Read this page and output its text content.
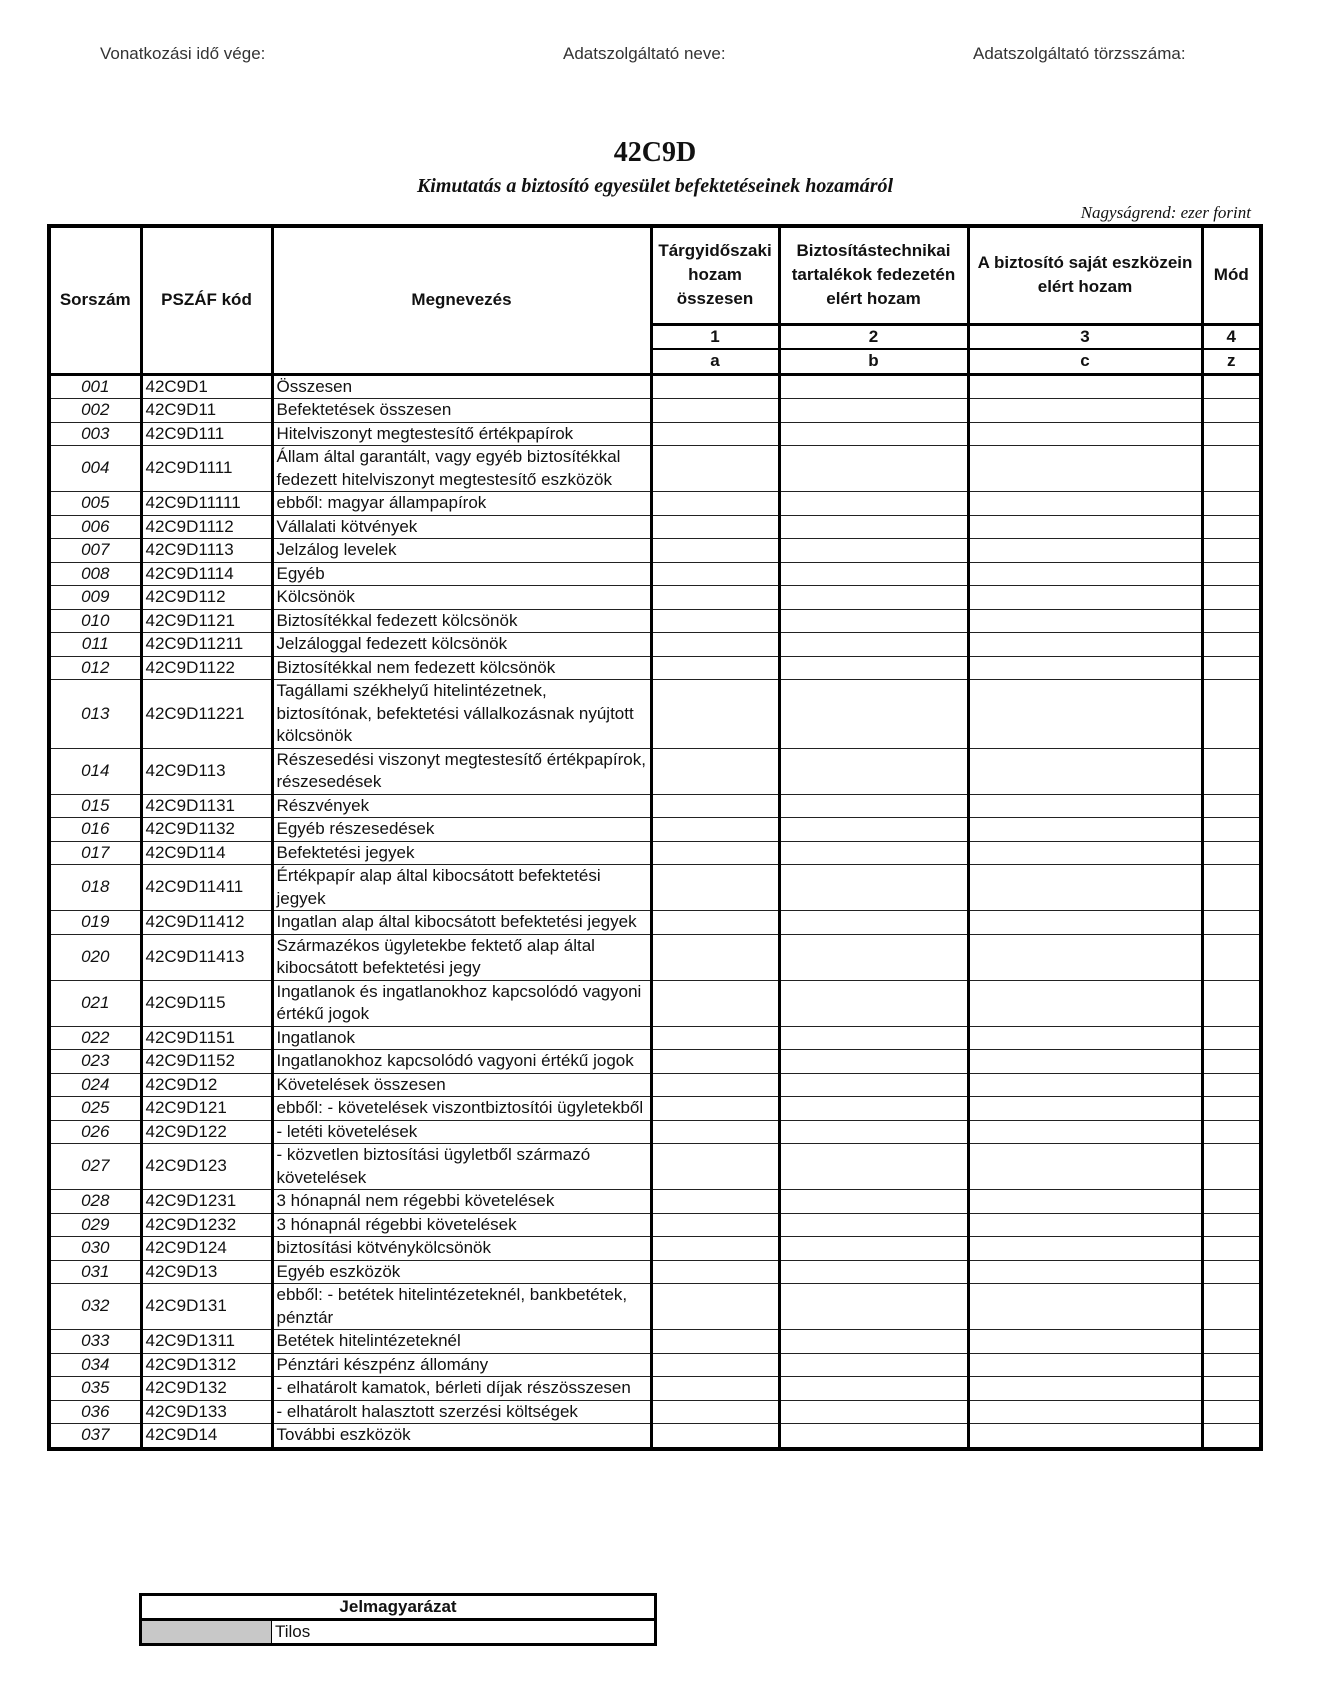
Vonatkozási idő vége:	Adatszolgáltató neve:	Adatszolgáltató törzsszáma:
42C9D
Kimutatás a biztosító egyesület befektetéseinek hozamáról
Nagyságrend: ezer forint
Sorszám	PSZÁF kód	Megnevezés	Tárgyidőszaki hozam összesen	Biztosítástechnikai tartalékok fedezetén elért hozam	A biztosító saját eszközein elért hozam	Mód
			1	2	3	4
			a	b	c	z
001	42C9D1	Összesen				
002	42C9D11	Befektetések összesen				
003	42C9D111	Hitelviszonyt megtestesítő értékpapírok				
004	42C9D1111	Állam által garantált, vagy egyéb biztosítékkal fedezett hitelviszonyt megtestesítő eszközök				
005	42C9D11111	ebből: magyar állampapírok				
006	42C9D1112	Vállalati kötvények				
007	42C9D1113	Jelzálog levelek				
008	42C9D1114	Egyéb				
009	42C9D112	Kölcsönök				
010	42C9D1121	Biztosítékkal fedezett kölcsönök				
011	42C9D11211	Jelzáloggal fedezett kölcsönök				
012	42C9D1122	Biztosítékkal nem fedezett kölcsönök				
013	42C9D11221	Tagállami székhelyű hitelintézetnek, biztosítónak, befektetési vállalkozásnak nyújtott kölcsönök				
014	42C9D113	Részesedési viszonyt megtestesítő értékpapírok, részesedések				
015	42C9D1131	Részvények				
016	42C9D1132	Egyéb részesedések				
017	42C9D114	Befektetési jegyek				
018	42C9D11411	Értékpapír alap által kibocsátott befektetési jegyek				
019	42C9D11412	Ingatlan alap által kibocsátott befektetési jegyek				
020	42C9D11413	Származékos ügyletekbe fektető alap által kibocsátott befektetési jegy				
021	42C9D115	Ingatlanok és ingatlanokhoz kapcsolódó vagyoni értékű jogok				
022	42C9D1151	Ingatlanok				
023	42C9D1152	Ingatlanokhoz kapcsolódó vagyoni értékű jogok				
024	42C9D12	Követelések összesen				
025	42C9D121	ebből: - követelések viszontbiztosítói ügyletekből				
026	42C9D122	- letéti követelések				
027	42C9D123	- közvetlen biztosítási ügyletből származó követelések				
028	42C9D1231	3 hónapnál nem régebbi követelések				
029	42C9D1232	3 hónapnál régebbi követelések				
030	42C9D124	biztosítási kötvénykölcsönök				
031	42C9D13	Egyéb eszközök				
032	42C9D131	ebből: - betétek hitelintézeteknél, bankbetétek, pénztár				
033	42C9D1311	Betétek hitelintézeteknél				
034	42C9D1312	Pénztári készpénz állomány				
035	42C9D132	- elhatárolt kamatok, bérleti díjak részösszesen				
036	42C9D133	- elhatárolt halasztott szerzési költségek				
037	42C9D14	További eszközök				
Jelmagyarázat
	Tilos
